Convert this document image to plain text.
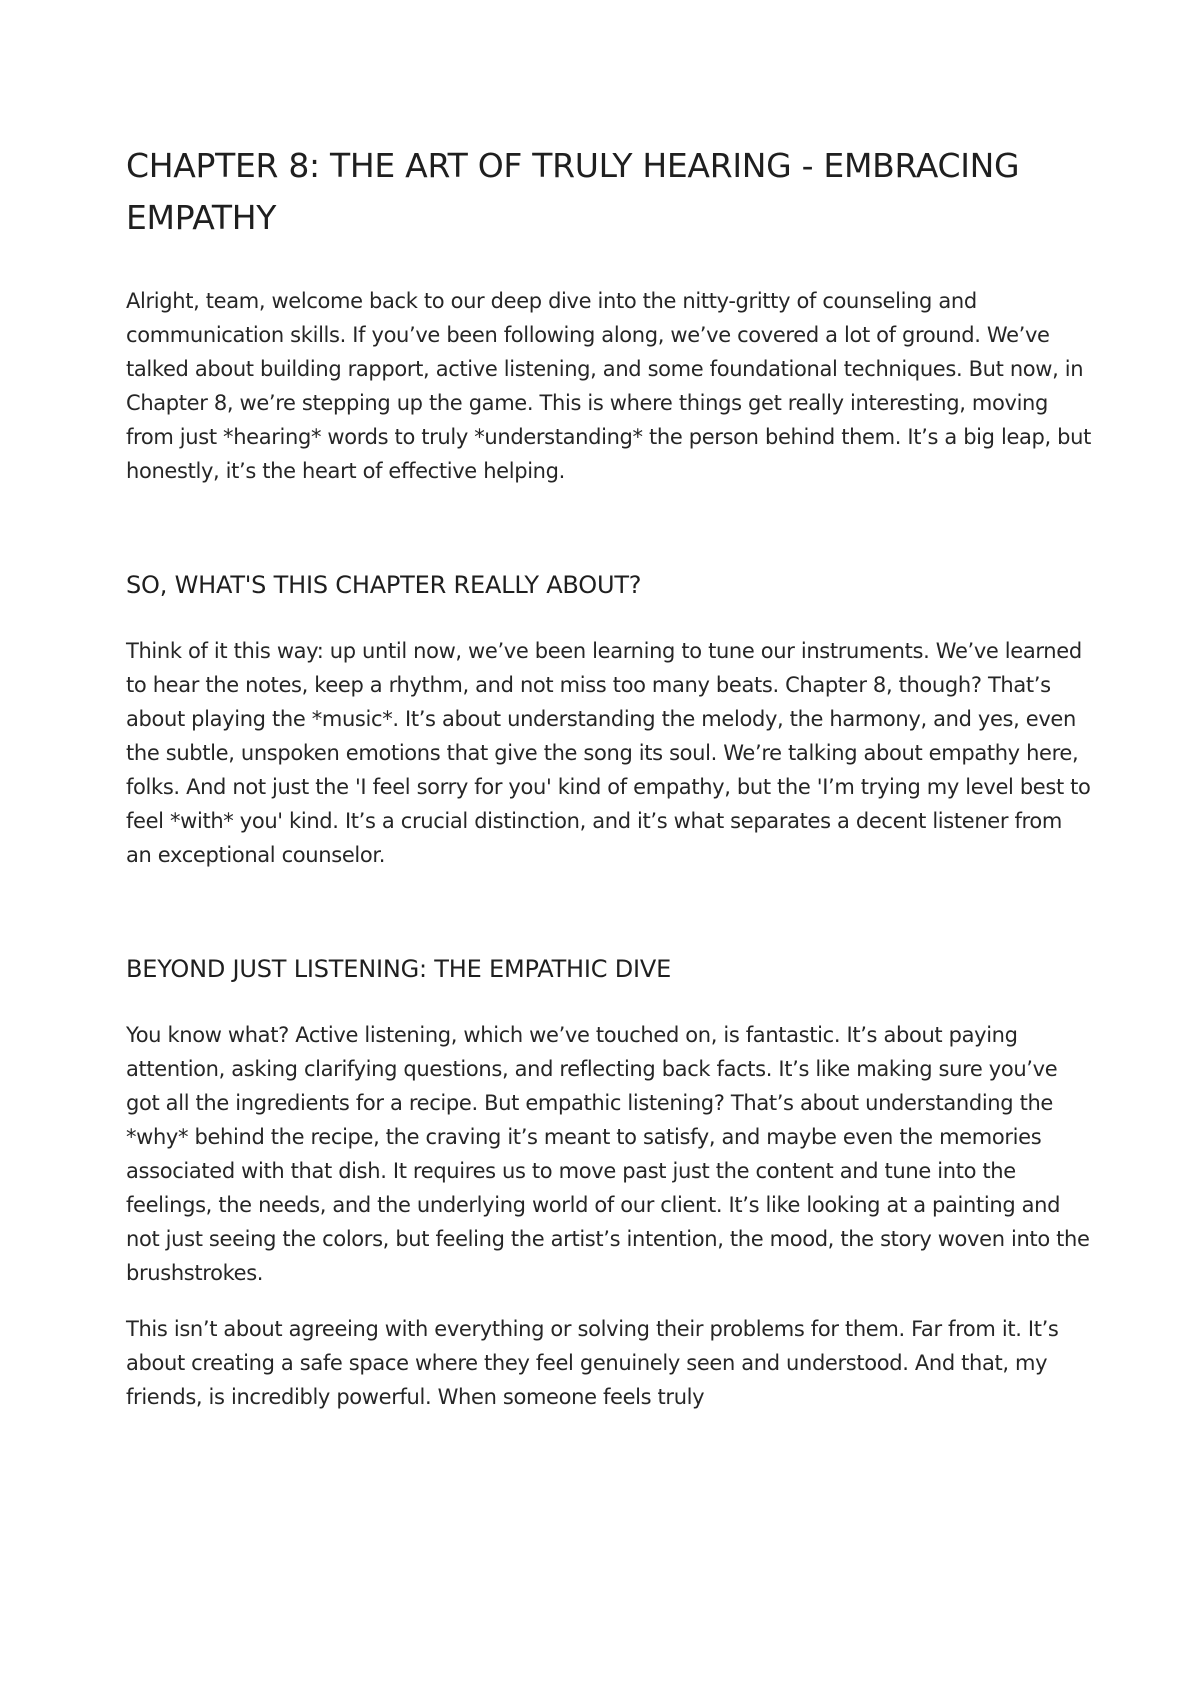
CHAPTER 8: THE ART OF TRULY HEARING - EMBRACING EMPATHY

Alright, team, welcome back to our deep dive into the nitty-gritty of counseling and communication skills. If you’ve been following along, we’ve covered a lot of ground. We’ve talked about building rapport, active listening, and some foundational techniques. But now, in Chapter 8, we’re stepping up the game. This is where things get really interesting, moving from just *hearing* words to truly *understanding* the person behind them. It’s a big leap, but honestly, it’s the heart of effective helping.

SO, WHAT'S THIS CHAPTER REALLY ABOUT?

Think of it this way: up until now, we’ve been learning to tune our instruments. We’ve learned to hear the notes, keep a rhythm, and not miss too many beats. Chapter 8, though? That’s about playing the *music*. It’s about understanding the melody, the harmony, and yes, even the subtle, unspoken emotions that give the song its soul. We’re talking about empathy here, folks. And not just the 'I feel sorry for you' kind of empathy, but the 'I’m trying my level best to feel *with* you' kind. It’s a crucial distinction, and it’s what separates a decent listener from an exceptional counselor.

BEYOND JUST LISTENING: THE EMPATHIC DIVE

You know what? Active listening, which we’ve touched on, is fantastic. It’s about paying attention, asking clarifying questions, and reflecting back facts. It’s like making sure you’ve got all the ingredients for a recipe. But empathic listening? That’s about understanding the *why* behind the recipe, the craving it’s meant to satisfy, and maybe even the memories associated with that dish. It requires us to move past just the content and tune into the feelings, the needs, and the underlying world of our client. It’s like looking at a painting and not just seeing the colors, but feeling the artist’s intention, the mood, the story woven into the brushstrokes.

This isn’t about agreeing with everything or solving their problems for them. Far from it. It’s about creating a safe space where they feel genuinely seen and understood. And that, my friends, is incredibly powerful. When someone feels truly
